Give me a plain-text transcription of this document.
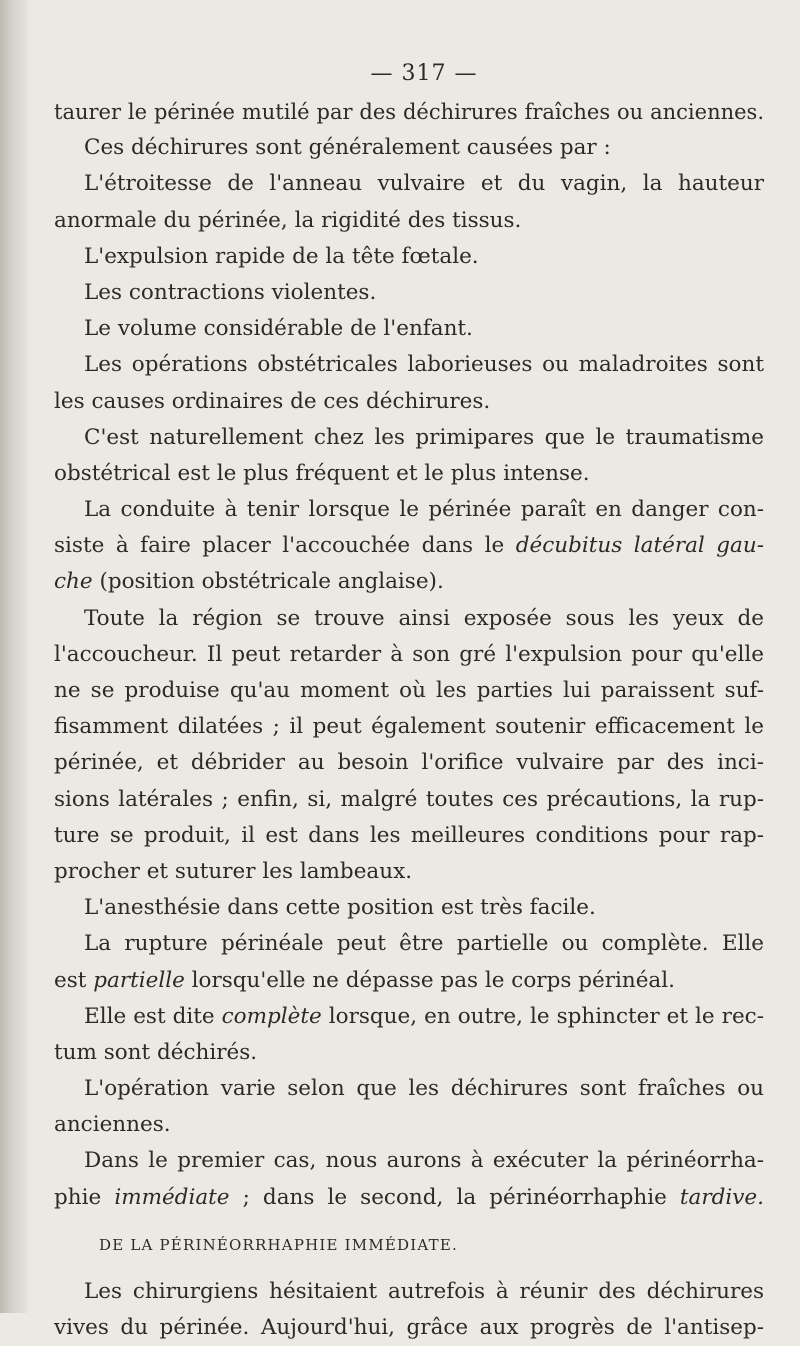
— 317 —
taurer le périnée mutilé par des déchirures fraîches ou anciennes.
Ces déchirures sont généralement causées par :
L'étroitesse de l'anneau vulvaire et du vagin, la hauteur
anormale du périnée, la rigidité des tissus.
L'expulsion rapide de la tête fœtale.
Les contractions violentes.
Le volume considérable de l'enfant.
Les opérations obstétricales laborieuses ou maladroites sont
les causes ordinaires de ces déchirures.
C'est naturellement chez les primipares que le traumatisme
obstétrical est le plus fréquent et le plus intense.
La conduite à tenir lorsque le périnée paraît en danger con-
siste à faire placer l'accouchée dans le décubitus latéral gau-
che (position obstétricale anglaise).
Toute la région se trouve ainsi exposée sous les yeux de
l'accoucheur. Il peut retarder à son gré l'expulsion pour qu'elle
ne se produise qu'au moment où les parties lui paraissent suf-
fisamment dilatées ; il peut également soutenir efficacement le
périnée, et débrider au besoin l'orifice vulvaire par des inci-
sions latérales ; enfin, si, malgré toutes ces précautions, la rup-
ture se produit, il est dans les meilleures conditions pour rap-
procher et suturer les lambeaux.
L'anesthésie dans cette position est très facile.
La rupture périnéale peut être partielle ou complète. Elle
est partielle lorsqu'elle ne dépasse pas le corps périnéal.
Elle est dite complète lorsque, en outre, le sphincter et le rec-
tum sont déchirés.
L'opération varie selon que les déchirures sont fraîches ou
anciennes.
Dans le premier cas, nous aurons à exécuter la périnéorrha-
phie immédiate ; dans le second, la périnéorrhaphie tardive.
DE LA PÉRINÉORRHAPHIE IMMÉDIATE.
Les chirurgiens hésitaient autrefois à réunir des déchirures
vives du périnée. Aujourd'hui, grâce aux progrès de l'antisep-
